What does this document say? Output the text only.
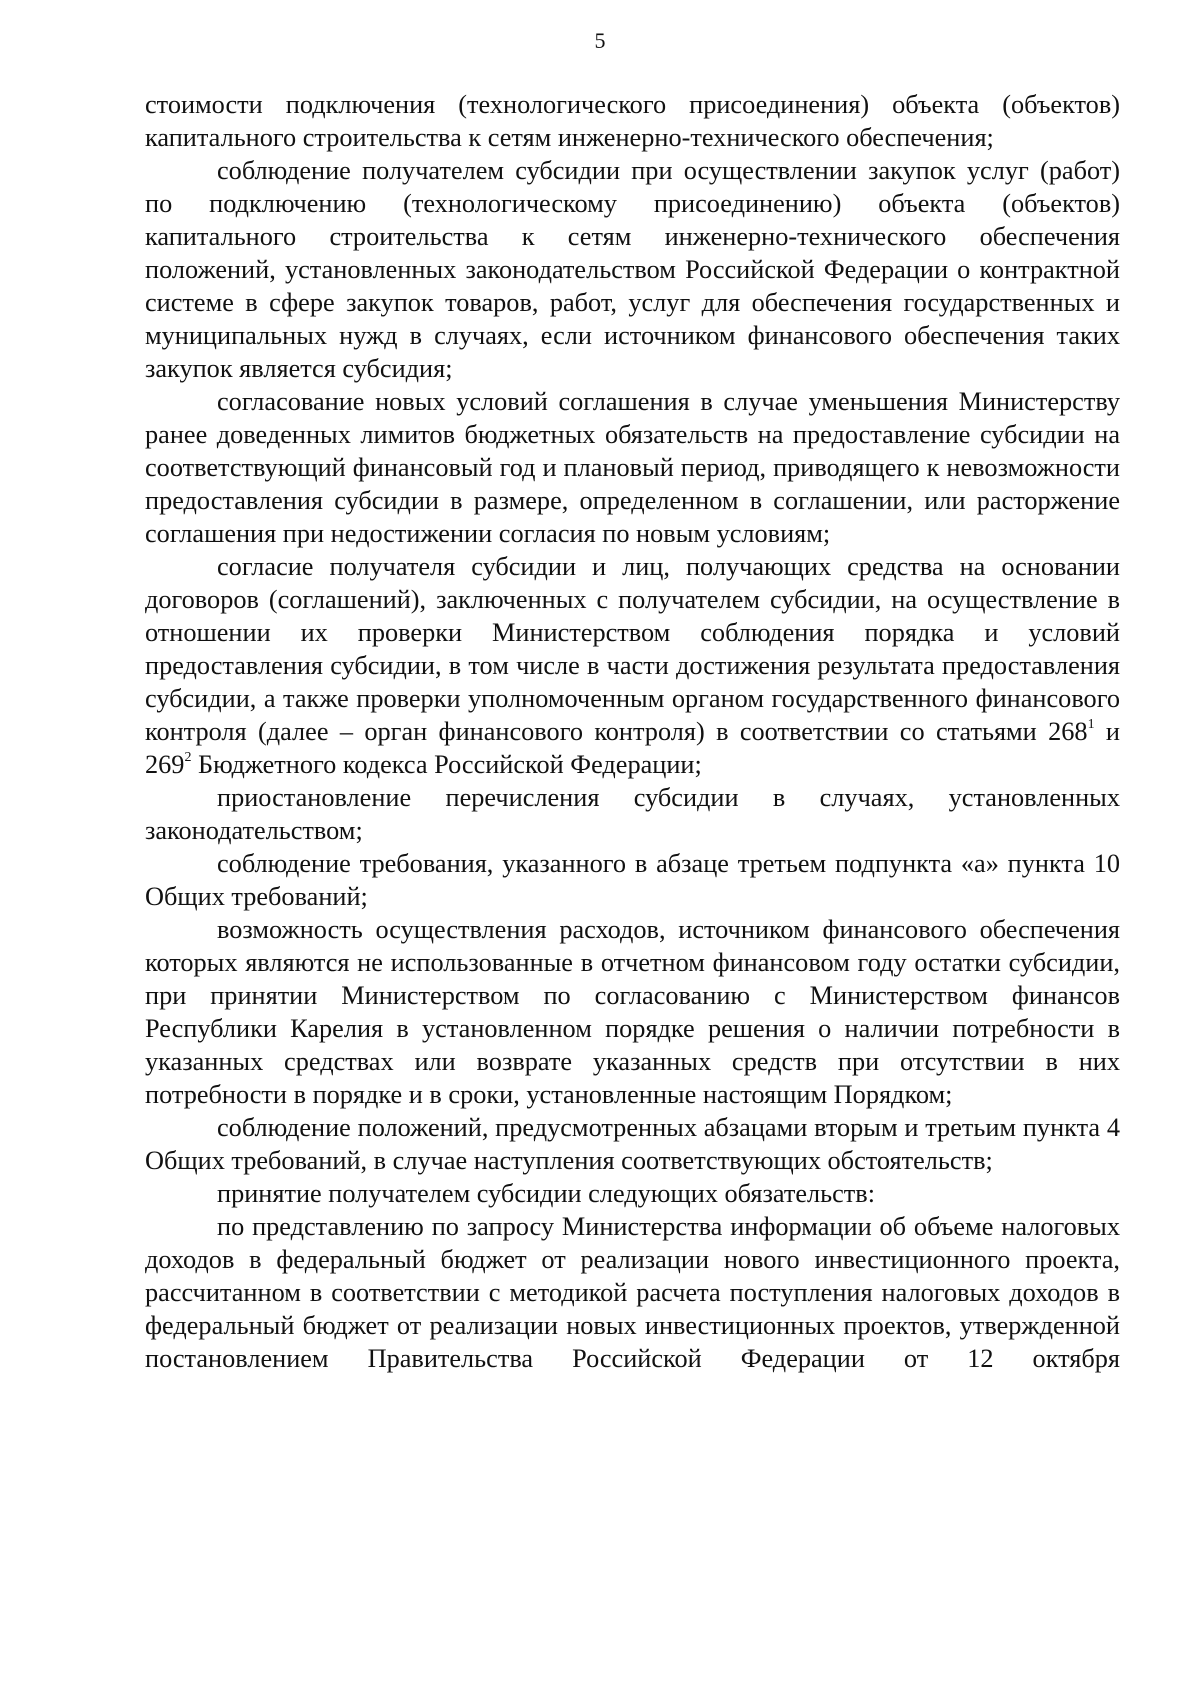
5

стоимости подключения (технологического присоединения) объекта (объектов) капитального строительства к сетям инженерно-технического обеспечения;

соблюдение получателем субсидии при осуществлении закупок услуг (работ) по подключению (технологическому присоединению) объекта (объектов) капитального строительства к сетям инженерно-технического обеспечения положений, установленных законодательством Российской Федерации о контрактной системе в сфере закупок товаров, работ, услуг для обеспечения государственных и муниципальных нужд в случаях, если источником финансового обеспечения таких закупок является субсидия;

согласование новых условий соглашения в случае уменьшения Министерству ранее доведенных лимитов бюджетных обязательств на предоставление субсидии на соответствующий финансовый год и плановый период, приводящего к невозможности предоставления субсидии в размере, определенном в соглашении, или расторжение соглашения при недостижении согласия по новым условиям;

согласие получателя субсидии и лиц, получающих средства на основании договоров (соглашений), заключенных с получателем субсидии, на осуществление в отношении их проверки Министерством соблюдения порядка и условий предоставления субсидии, в том числе в части достижения результата предоставления субсидии, а также проверки уполномоченным органом государственного финансового контроля (далее – орган финансового контроля) в соответствии со статьями $268^1$ и $269^2$ Бюджетного кодекса Российской Федерации;

приостановление перечисления субсидии в случаях, установленных законодательством;

соблюдение требования, указанного в абзаце третьем подпункта «а» пункта 10 Общих требований;

возможность осуществления расходов, источником финансового обеспечения которых являются не использованные в отчетном финансовом году остатки субсидии, при принятии Министерством по согласованию с Министерством финансов Республики Карелия в установленном порядке решения о наличии потребности в указанных средствах или возврате указанных средств при отсутствии в них потребности в порядке и в сроки, установленные настоящим Порядком;

соблюдение положений, предусмотренных абзацами вторым и третьим пункта 4 Общих требований, в случае наступления соответствующих обстоятельств;

принятие получателем субсидии следующих обязательств:

по представлению по запросу Министерства информации об объеме налоговых доходов в федеральный бюджет от реализации нового инвестиционного проекта, рассчитанном в соответствии с методикой расчета поступления налоговых доходов в федеральный бюджет от реализации новых инвестиционных проектов, утвержденной постановлением Правительства Российской Федерации от 12 октября
